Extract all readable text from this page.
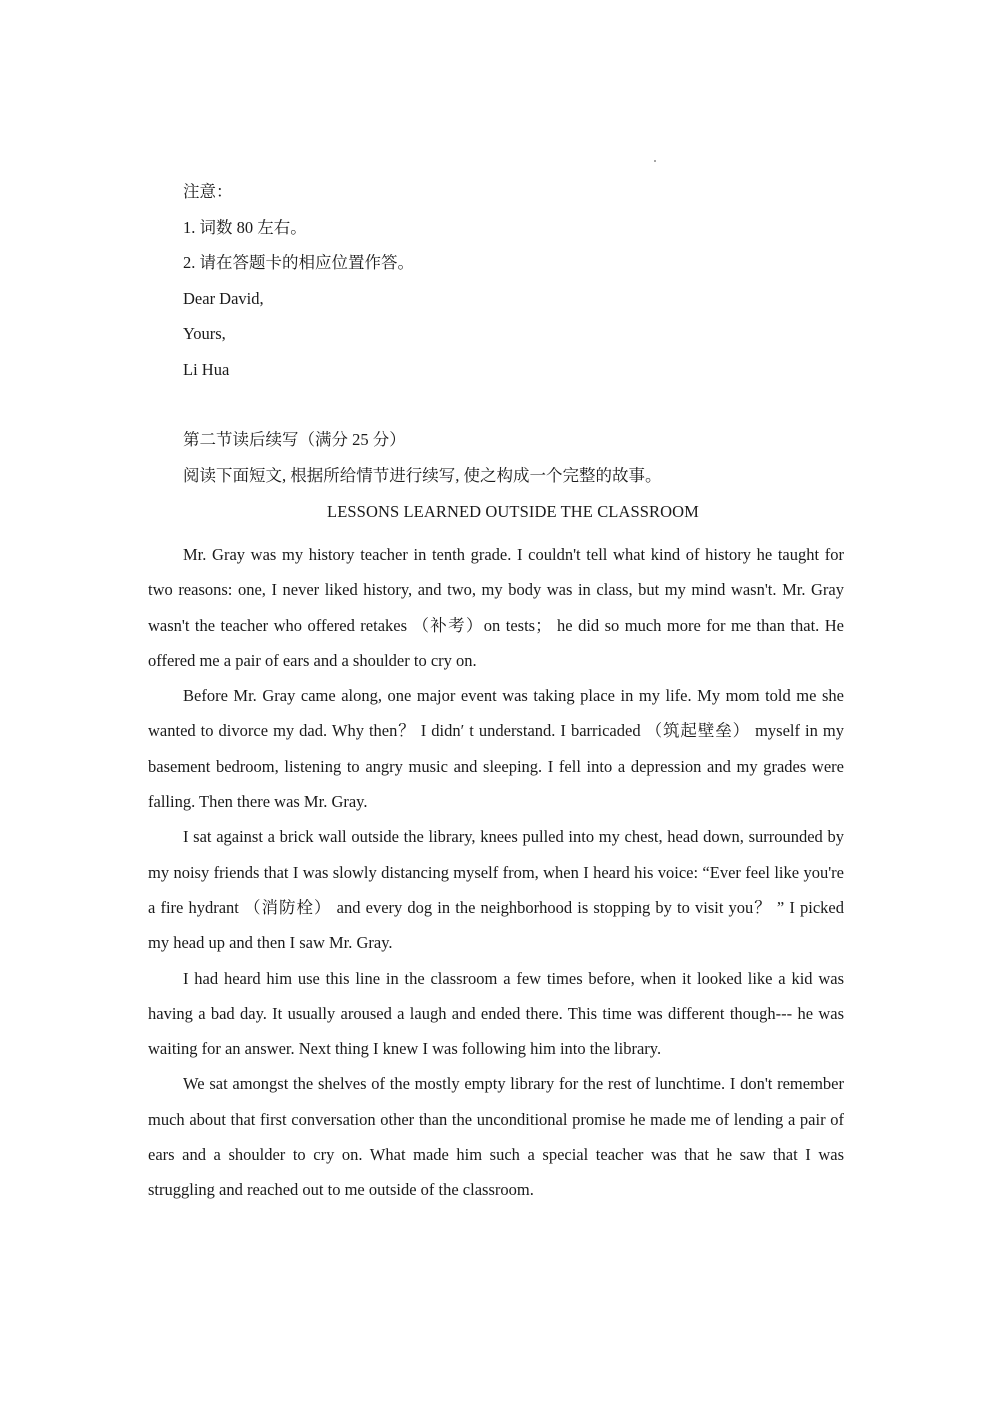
注意：
1. 词数 80 左右。
2. 请在答题卡的相应位置作答。
Dear David,
Yours,
Li Hua
第二节读后续写（满分 25 分）
阅读下面短文, 根据所给情节进行续写, 使之构成一个完整的故事。
LESSONS LEARNED OUTSIDE THE CLASSROOM

Mr. Gray was my history teacher in tenth grade. I couldn't tell what kind of history he taught for two reasons: one, I never liked history, and two, my body was in class, but my mind wasn't. Mr. Gray wasn't the teacher who offered retakes （补考）on tests； he did so much more for me than that. He offered me a pair of ears and a shoulder to cry on.

Before Mr. Gray came along, one major event was taking place in my life. My mom told me she wanted to divorce my dad. Why then？ I didn′ t understand. I barricaded （筑起壁垒） myself in my basement bedroom, listening to angry music and sleeping. I fell into a depression and my grades were falling. Then there was Mr. Gray.

I sat against a brick wall outside the library, knees pulled into my chest, head down, surrounded by my noisy friends that I was slowly distancing myself from, when I heard his voice: “Ever feel like you're a fire hydrant （消防栓） and every dog in the neighborhood is stopping by to visit you？ ” I picked my head up and then I saw Mr. Gray.

I had heard him use this line in the classroom a few times before, when it looked like a kid was having a bad day. It usually aroused a laugh and ended there. This time was different though--- he was waiting for an answer. Next thing I knew I was following him into the library.

We sat amongst the shelves of the mostly empty library for the rest of lunchtime. I don't remember much about that first conversation other than the unconditional promise he made me of lending a pair of ears and a shoulder to cry on. What made him such a special teacher was that he saw that I was struggling and reached out to me outside of the classroom.
